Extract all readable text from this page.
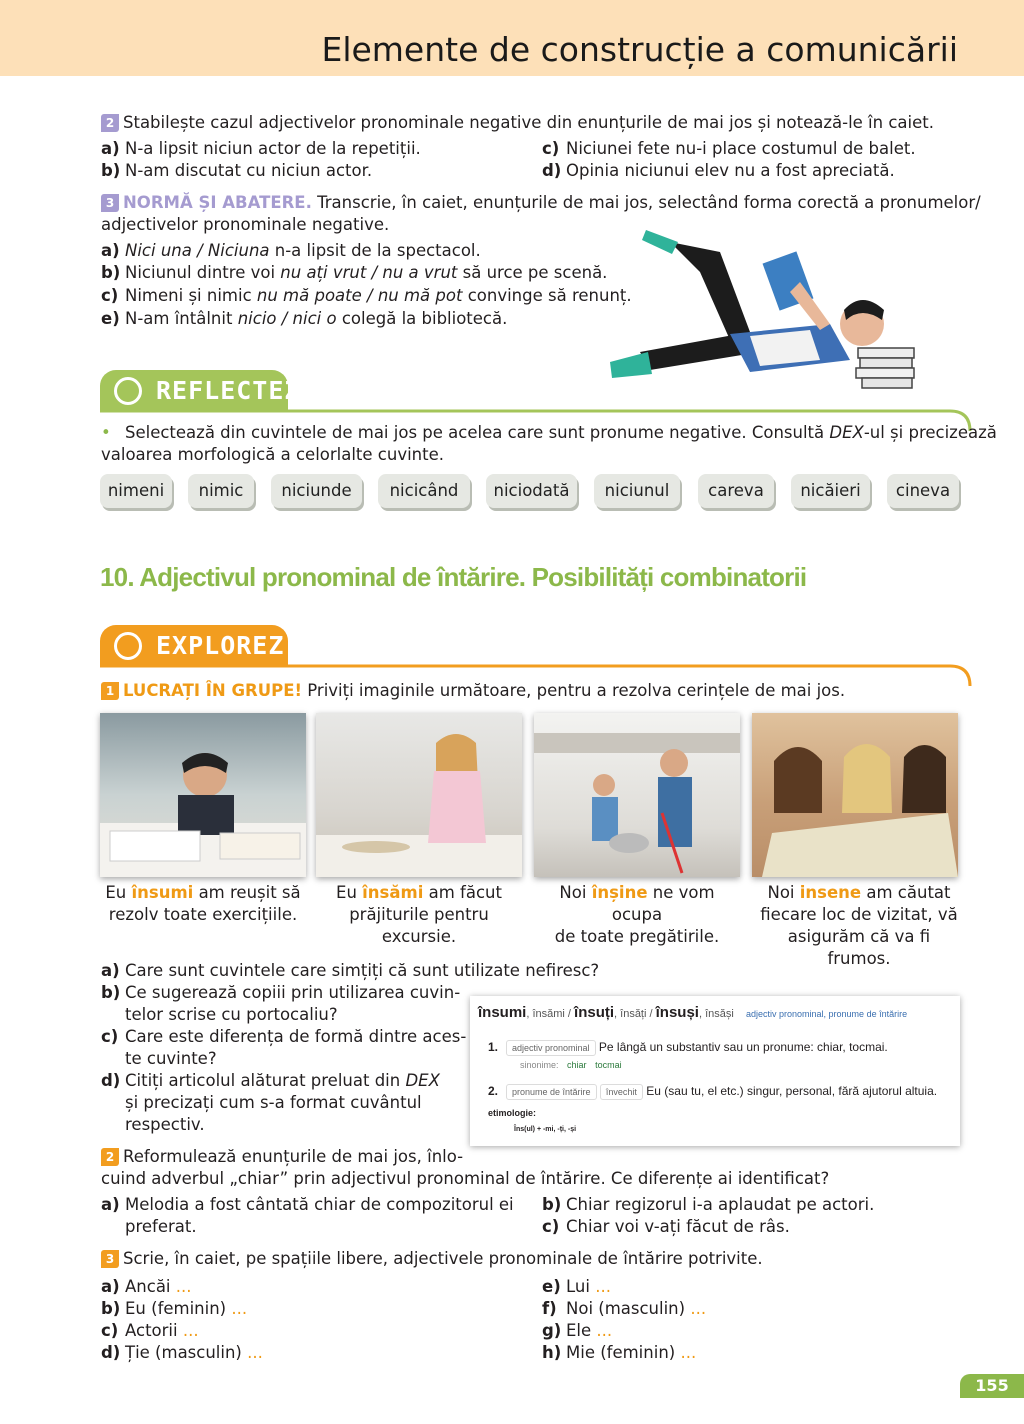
Elemente de construcție a comunicării
2 Stabilește cazul adjectivelor pronominale negative din enunțurile de mai jos și notează-le în caiet.
a) N-a lipsit niciun actor de la repetiții.
b) N-am discutat cu niciun actor.
c) Niciunei fete nu-i place costumul de balet.
d) Opinia niciunui elev nu a fost apreciată.
3 NORMĂ ȘI ABATERE. Transcrie, în caiet, enunțurile de mai jos, selectând forma corectă a pronumelor/
adjectivelor pronominale negative.
a) Nici una / Niciuna n-a lipsit de la spectacol.
b) Niciunul dintre voi nu ați vrut / nu a vrut să urce pe scenă.
c) Nimeni și nimic nu mă poate / nu mă pot convinge să renunț.
e) N-am întâlnit nicio / nici o colegă la bibliotecă.
REFLECTEZ
• Selectează din cuvintele de mai jos pe acelea care sunt pronume negative. Consultă DEX-ul și precizează
valoarea morfologică a celorlalte cuvinte.
nimeni	nimic	niciunde	nicicând	niciodată	niciunul	careva	nicăieri	cineva
10. Adjectivul pronominal de întărire. Posibilități combinatorii
EXPLOREZ
1 LUCRAȚI ÎN GRUPE! Priviți imaginile următoare, pentru a rezolva cerințele de mai jos.
Eu însumi am reușit să
rezolv toate exercițiile.
Eu însămi am făcut
prăjiturile pentru
excursie.
Noi înșine ne vom ocupa
de toate pregătirile.
Noi insene am căutat
fiecare loc de vizitat, vă
asigurăm că va fi frumos.
a) Care sunt cuvintele care simțiți că sunt utilizate nefiresc?
b) Ce sugerează copiii prin utilizarea cuvin-
telor scrise cu portocaliu?
c) Care este diferența de formă dintre aces-
te cuvinte?
d) Citiți articolul alăturat preluat din DEX
și precizați cum s-a format cuvântul
respectiv.
însumi, însămi / însuți, însăți / însuși, însăși adjectiv pronominal, pronume de întărire
1. adjectiv pronominal Pe lângă un substantiv sau un pronume: chiar, tocmai.
sinonime: chiar tocmai
2. pronume de întărire învechit Eu (sau tu, el etc.) singur, personal, fără ajutorul altuia.
etimologie:
Îns(ul) + -mi, -ți, -și
2 Reformulează enunțurile de mai jos, înlo-
cuind adverbul „chiar” prin adjectivul pronominal de întărire. Ce diferențe ai identificat?
a) Melodia a fost cântată chiar de compozitorul ei
preferat.
b) Chiar regizorul i-a aplaudat pe actori.
c) Chiar voi v-ați făcut de râs.
3 Scrie, în caiet, pe spațiile libere, adjectivele pronominale de întărire potrivite.
a) Ancăi ...
b) Eu (feminin) ...
c) Actorii ...
d) Ție (masculin) ...
e) Lui ...
f) Noi (masculin) ...
g) Ele ...
h) Mie (feminin) ...
155
